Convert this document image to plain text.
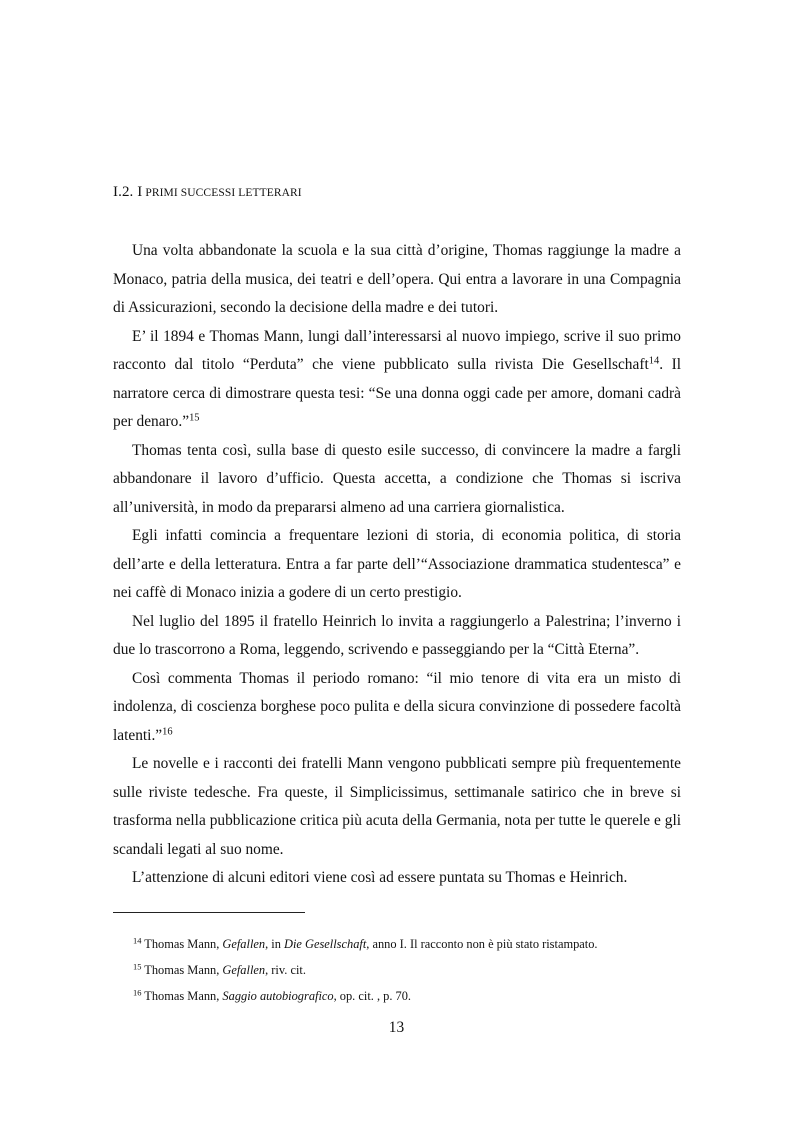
I.2. I PRIMI SUCCESSI LETTERARI

Una volta abbandonate la scuola e la sua città d’origine, Thomas raggiunge la madre a Monaco, patria della musica, dei teatri e dell’opera. Qui entra a lavorare in una Compagnia di Assicurazioni, secondo la decisione della madre e dei tutori.

E’ il 1894 e Thomas Mann, lungi dall’interessarsi al nuovo impiego, scrive il suo primo racconto dal titolo “Perduta” che viene pubblicato sulla rivista Die Gesellschaft$^{14}$. Il narratore cerca di dimostrare questa tesi: “Se una donna oggi cade per amore, domani cadrà per denaro.”$^{15}$

Thomas tenta così, sulla base di questo esile successo, di convincere la madre a fargli abbandonare il lavoro d’ufficio. Questa accetta, a condizione che Thomas si iscriva all’università, in modo da prepararsi almeno ad una carriera giornalistica.

Egli infatti comincia a frequentare lezioni di storia, di economia politica, di storia dell’arte e della letteratura. Entra a far parte dell’“Associazione drammatica studentesca” e nei caffè di Monaco inizia a godere di un certo prestigio.

Nel luglio del 1895 il fratello Heinrich lo invita a raggiungerlo a Palestrina; l’inverno i due lo trascorrono a Roma, leggendo, scrivendo e passeggiando per la “Città Eterna”.

Così commenta Thomas il periodo romano: “il mio tenore di vita era un misto di indolenza, di coscienza borghese poco pulita e della sicura convinzione di possedere facoltà latenti.”$^{16}$

Le novelle e i racconti dei fratelli Mann vengono pubblicati sempre più frequentemente sulle riviste tedesche. Fra queste, il Simplicissimus, settimanale satirico che in breve si trasforma nella pubblicazione critica più acuta della Germania, nota per tutte le querele e gli scandali legati al suo nome.

L’attenzione di alcuni editori viene così ad essere puntata su Thomas e Heinrich.

$^{14}$ Thomas Mann, Gefallen, in Die Gesellschaft, anno I. Il racconto non è più stato ristampato.
$^{15}$ Thomas Mann, Gefallen, riv. cit.
$^{16}$ Thomas Mann, Saggio autobiografico, op. cit. , p. 70.
13
